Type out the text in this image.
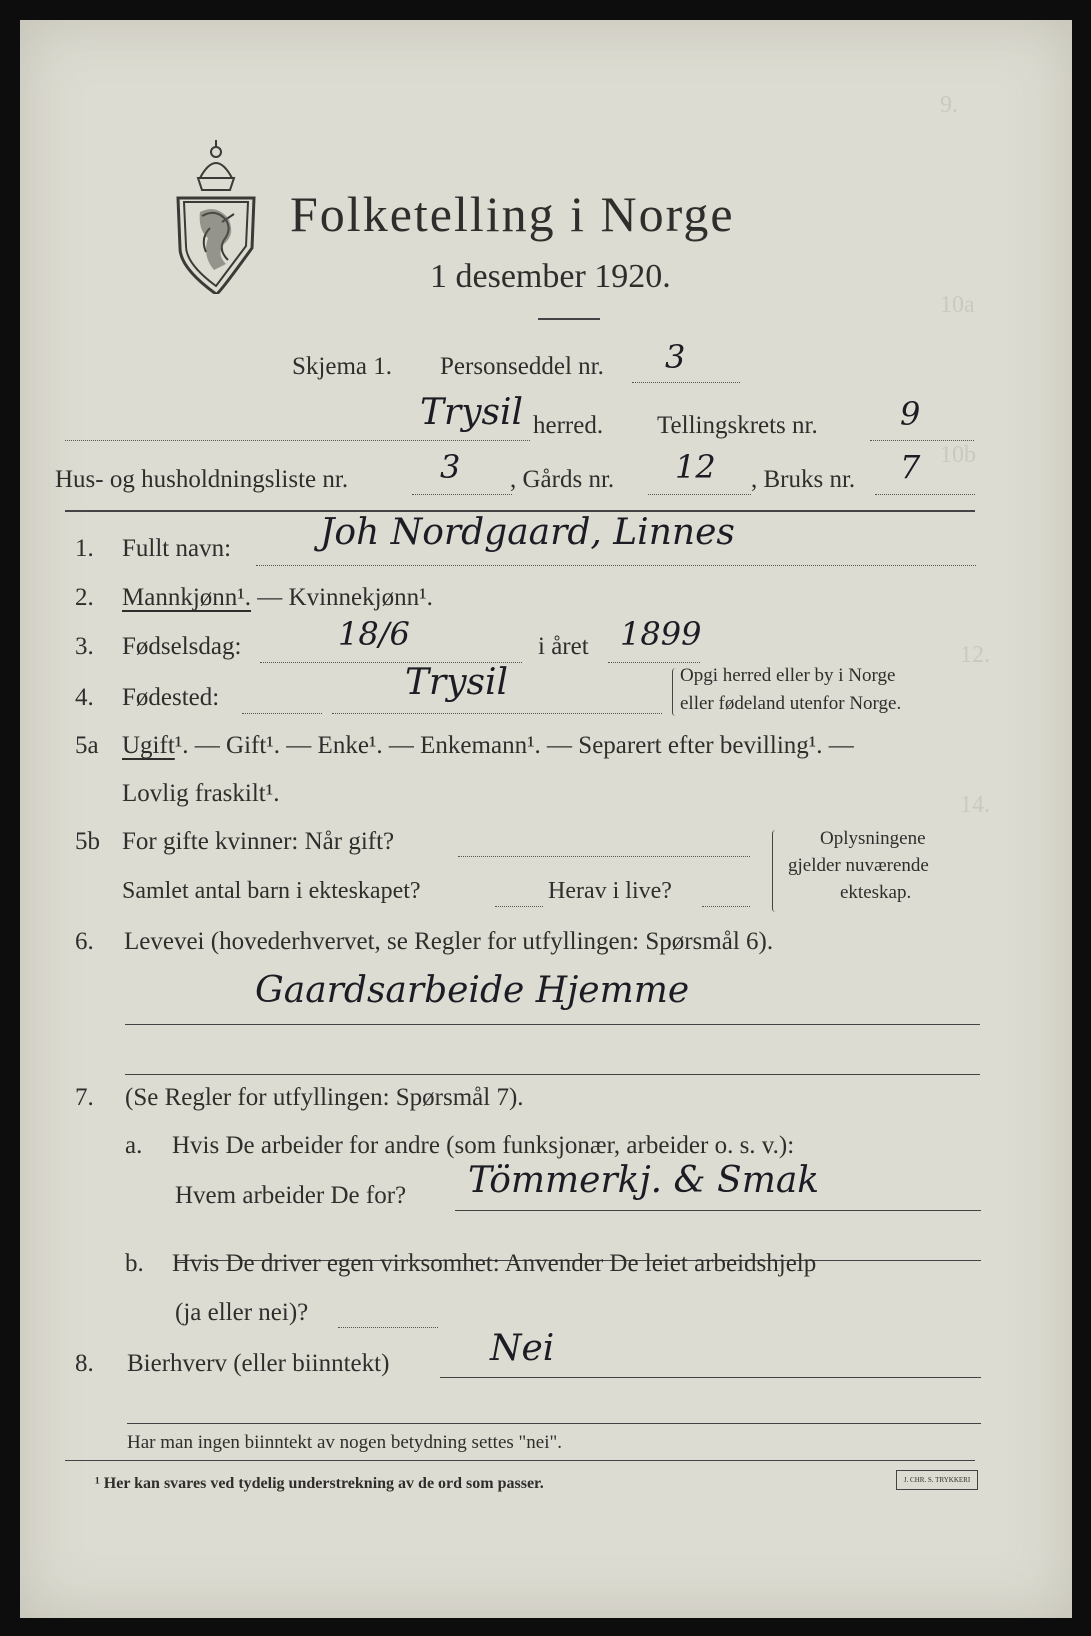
9.
10a
10b
12.
14.
Folketelling i Norge
1 desember 1920.
Skjema 1. Personseddel nr. 3
Trysil herred. Tellingskrets nr.	9
Hus- og husholdningsliste nr.	3 , Gårds nr. 12 , Bruks nr. 7
1. Fullt navn: Joh Nordgaard, Linnes
2. Mannkjønn¹. — Kvinnekjønn¹.
3. Fødselsdag:	18/6	i året 1899
4. Fødested:	Trysil	Opgi herred eller by i Norge
eller fødeland utenfor Norge.
5a Ugift¹. — Gift¹. — Enke¹. — Enkemann¹. — Separert efter bevilling¹. —
Lovlig fraskilt¹.
5b For gifte kvinner: Når gift?
Samlet antal barn i ekteskapet?	Herav i live?
Oplysningene
gjelder nuværende
ekteskap.
6. Levevei (hovederhvervet, se Regler for utfyllingen: Spørsmål 6).
Gaardsarbeide Hjemme
7. (Se Regler for utfyllingen: Spørsmål 7).
a. Hvis De arbeider for andre (som funksjonær, arbeider o. s. v.):
Hvem arbeider De for? Tömmerkj. & Smak
b. Hvis De driver egen virksomhet: Anvender De leiet arbeidshjelp
(ja eller nei)?
8. Bierhverv (eller biinntekt)	Nei
Har man ingen biinntekt av nogen betydning settes "nei".
¹ Her kan svares ved tydelig understrekning av de ord som passer.	J. CHR. S. TRYKKERI
